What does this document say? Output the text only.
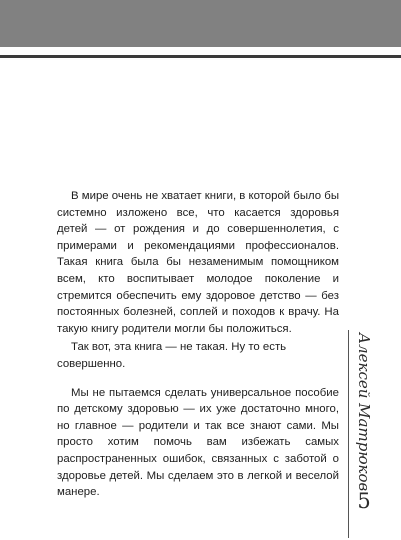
В мире очень не хватает книги, в которой было бы системно изложено все, что касается здоровья детей — от рождения и до совершеннолетия, с примерами и рекомендациями профессионалов. Такая книга была бы незаменимым помощником всем, кто воспитывает молодое поколение и стремится обеспечить ему здоровое детство — без постоянных болезней, соплей и походов к врачу. На такую книгу родители могли бы положиться.

Так вот, эта книга — не такая. Ну то есть совершенно.

Мы не пытаемся сделать универсальное пособие по детскому здоровью — их уже достаточно много, но главное — родители и так все знают сами. Мы просто хотим помочь вам избежать самых распространенных ошибок, связанных с заботой о здоровье детей. Мы сделаем это в легкой и веселой манере.

Алексей Матрюков
5
